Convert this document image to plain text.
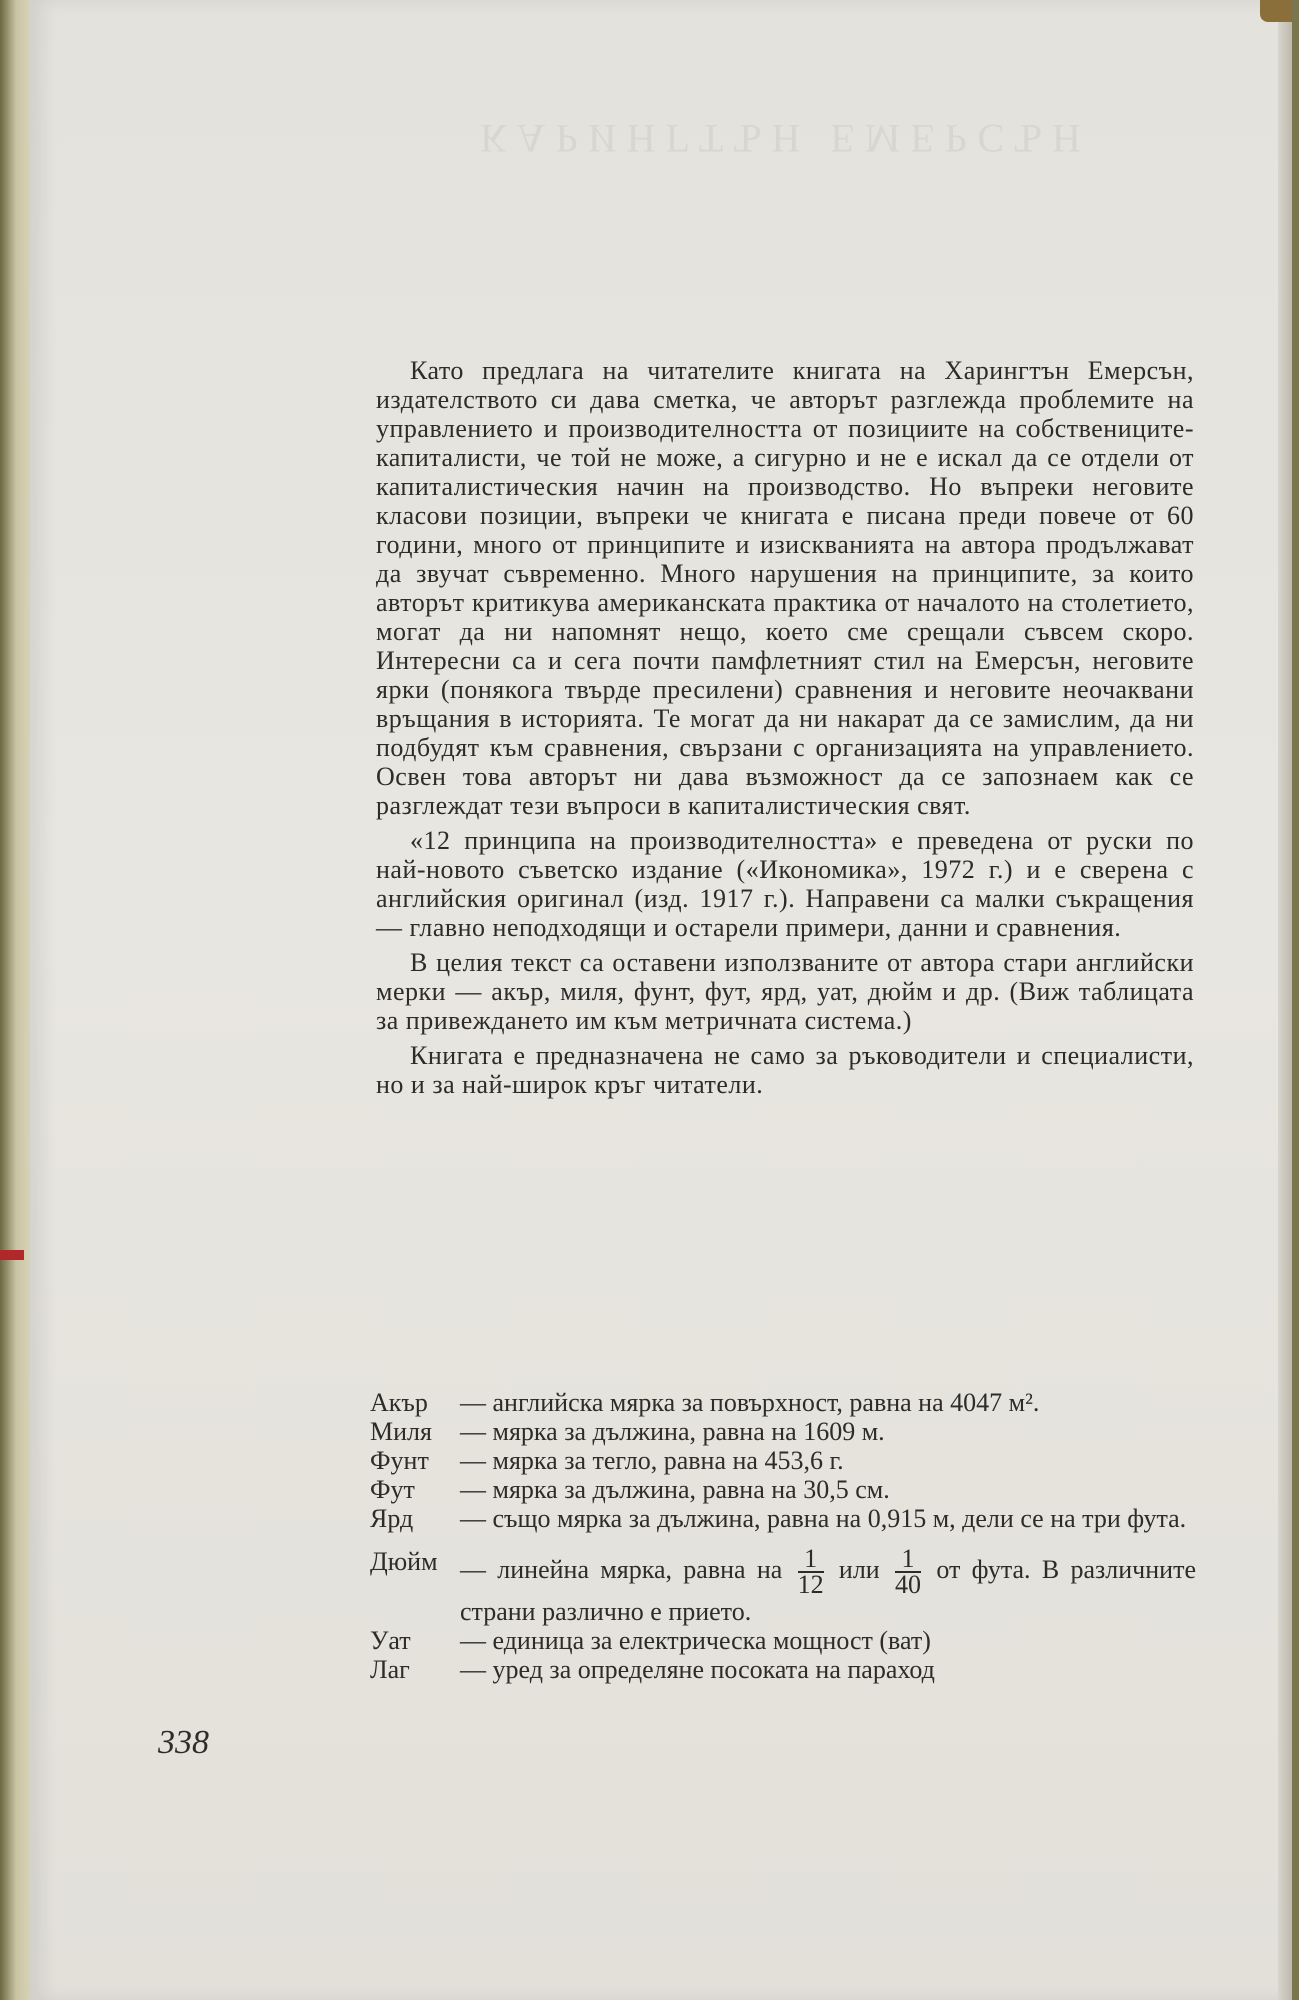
КАРИНГТЪН ЕМЕРСЪН

Като предлага на читателите книгата на Харингтън Емерсън, издателството си дава сметка, че авторът разглежда проблемите на управлението и производителността от позициите на собствениците-капиталисти, че той не може, а сигурно и не е искал да се отдели от капиталистическия начин на производство. Но въпреки неговите класови позиции, въпреки че книгата е писана преди повече от 60 години, много от принципите и изискванията на автора продължават да звучат съвременно. Много нарушения на принципите, за които авторът критикува американската практика от началото на столетието, могат да ни напомнят нещо, което сме срещали съвсем скоро. Интересни са и сега почти памфлетният стил на Емерсън, неговите ярки (понякога твърде пресилени) сравнения и неговите неочаквани връщания в историята. Те могат да ни накарат да се замислим, да ни подбудят към сравнения, свързани с организацията на управлението. Освен това авторът ни дава възможност да се запознаем как се разглеждат тези въпроси в капиталистическия свят.

«12 принципа на производителността» е преведена от руски по най-новото съветско издание («Икономика», 1972 г.) и е сверена с английския оригинал (изд. 1917 г.). Направени са малки съкращения — главно неподходящи и остарели примери, данни и сравнения.

В целия текст са оставени използваните от автора стари английски мерки — акър, миля, фунт, фут, ярд, уат, дюйм и др. (Виж таблицата за привеждането им към метричната система.)

Книгата е предназначена не само за ръководители и специалисти, но и за най-широк кръг читатели.

Акър	— английска мярка за повърхност, равна на 4047 м².
Миля	— мярка за дължина, равна на 1609 м.
Фунт	— мярка за тегло, равна на 453,6 г.
Фут	— мярка за дължина, равна на 30,5 см.
Ярд	— също мярка за дължина, равна на 0,915 м, дели се на три фута.
Дюйм — линейна мярка, равна на $\frac{1}{12}$ или $\frac{1}{40}$ от фута. В различните страни различно е прието.
Уат	— единица за електрическа мощност (ват)
Лаг	— уред за определяне посоката на параход
338
